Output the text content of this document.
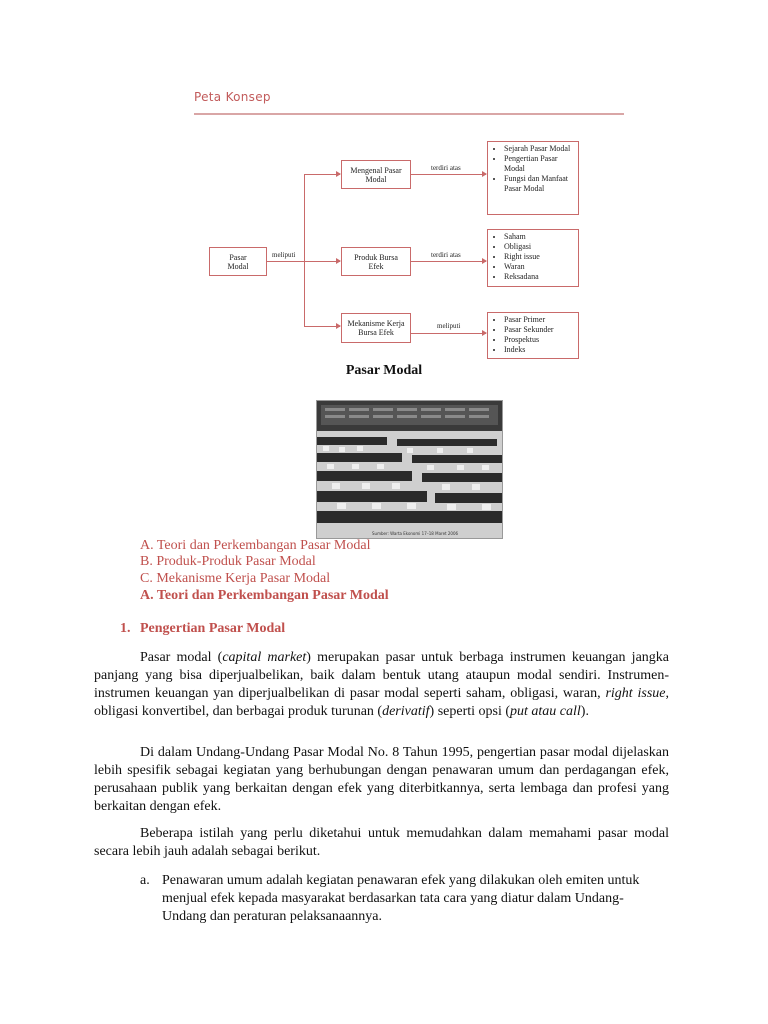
Peta Konsep
Pasar Modal
meliputi
Mengenal Pasar Modal
terdiri atas
• Sejarah Pasar Modal
• Pengertian Pasar Modal
• Fungsi dan Manfaat Pasar Modal
Produk Bursa Efek
terdiri atas
• Saham
• Obligasi
• Right issue
• Waran
• Reksadana
Mekanisme Kerja Bursa Efek
meliputi
• Pasar Primer
• Pasar Sekunder
• Prospektus
• Indeks
Pasar Modal
Sumber: Warta Ekonomi 17–18 Maret 2006
A. Teori dan Perkembangan Pasar Modal
B. Produk-Produk Pasar Modal
C. Mekanisme Kerja Pasar Modal
A. Teori dan Perkembangan Pasar Modal
1. Pengertian Pasar Modal
Pasar modal (capital market) merupakan pasar untuk berbaga instrumen keuangan jangka panjang yang bisa diperjualbelikan, baik dalam bentuk utang ataupun modal sendiri. Instrumen-instrumen keuangan yan diperjualbelikan di pasar modal seperti saham, obligasi, waran, right issue, obligasi konvertibel, dan berbagai produk turunan (derivatif) seperti opsi (put atau call).
Di dalam Undang-Undang Pasar Modal No. 8 Tahun 1995, pengertian pasar modal dijelaskan lebih spesifik sebagai kegiatan yang berhubungan dengan penawaran umum dan perdagangan efek, perusahaan publik yang berkaitan dengan efek yang diterbitkannya, serta lembaga dan profesi yang berkaitan dengan efek.
Beberapa istilah yang perlu diketahui untuk memudahkan dalam memahami pasar modal secara lebih jauh adalah sebagai berikut.
a. Penawaran umum adalah kegiatan penawaran efek yang dilakukan oleh emiten untuk menjual efek kepada masyarakat berdasarkan tata cara yang diatur dalam Undang-Undang dan peraturan pelaksanaannya.
